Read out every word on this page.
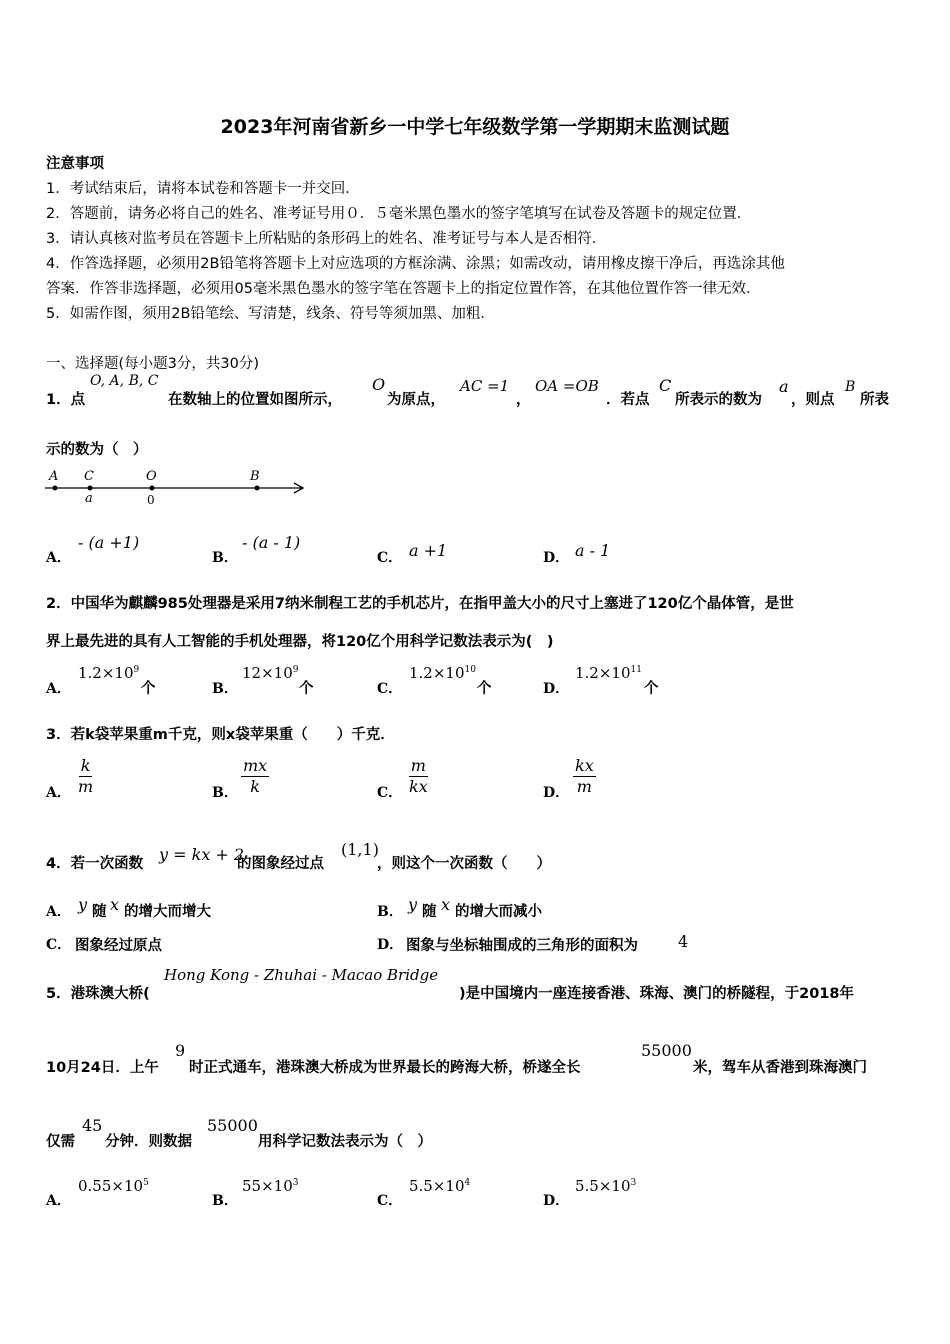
2023年河南省新乡一中学七年级数学第一学期期末监测试题
注意事项
1．考试结束后，请将本试卷和答题卡一并交回．
2．答题前，请务必将自己的姓名、准考证号用０．５毫米黑色墨水的签字笔填写在试卷及答题卡的规定位置．
3．请认真核对监考员在答题卡上所粘贴的条形码上的姓名、准考证号与本人是否相符．
4．作答选择题，必须用2B铅笔将答题卡上对应选项的方框涂满、涂黑；如需改动，请用橡皮擦干净后，再选涂其他
答案．作答非选择题，必须用05毫米黑色墨水的签字笔在答题卡上的指定位置作答，在其他位置作答一律无效．
5．如需作图，须用2B铅笔绘、写清楚，线条、符号等须加黑、加粗．
一、选择题(每小题3分，共30分)
1．点
O, A, B, C
在数轴上的位置如图所示，
O
为原点，
AC =1
，
OA =OB
．若点
C
所表示的数为
a
，则点
B
所表
示的数为（　）
A C	O	B
a	0
A．
- (a +1)
B．
- (a - 1)
C． a +1	D． a - 1
2．中国华为麒麟985处理器是采用7纳米制程工艺的手机芯片，在指甲盖大小的尺寸上塞进了120亿个晶体管，是世
界上最先进的具有人工智能的手机处理器，将120亿个用科学记数法表示为(　)
A．
$1.2\times 10^9$
个	B．
$12\times 10^9$
个	C．
$1.2\times 10^{10}$
个	D．
$1.2\times 10^{11}$
个
3．若k袋苹果重m千克，则x袋苹果重（　　）千克．
A． $\frac{k}{m}$	B． $\frac{mx}{k}$	C． $\frac{m}{kx}$	D． $\frac{kx}{m}$
4．若一次函数 y = kx + 2
的图象经过点
(1,1)
，则这个一次函数（　　）
A． y 随 x 的增大而增大	B． y 随 x 的增大而减小
C． 图象经过原点	D． 图象与坐标轴围成的三角形的面积为	4
5．港珠澳大桥(
Hong Kong - Zhuhai - Macao Bridge
)是中国境内一座连接香港、珠海、澳门的桥隧程，于2018年
10月24日．上午
9
时正式通车，港珠澳大桥成为世界最长的跨海大桥，桥遂全长
55000
米，驾车从香港到珠海澳门
仅需
45
分钟．则数据
55000
用科学记数法表示为（　）
A．
$0.55\times 10^5$
B．
$55\times 10^3$
C．
$5.5\times 10^4$
D．
$5.5\times 10^3$
